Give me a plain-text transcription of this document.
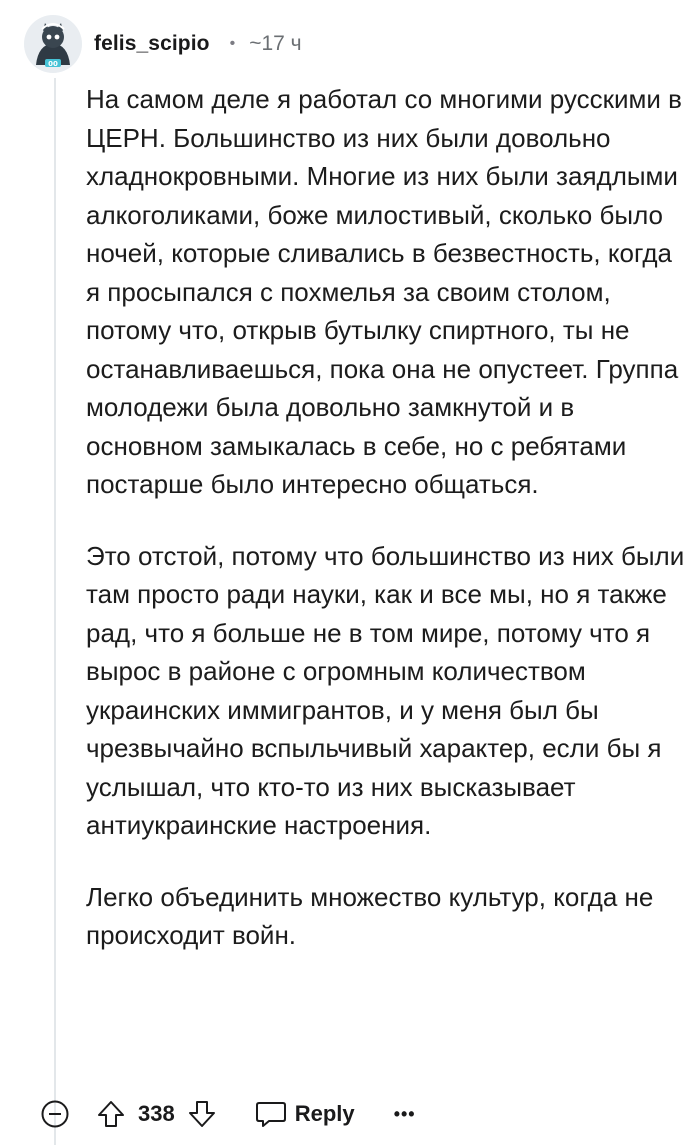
00
felis_scipio • ~17 ч

На самом деле я работал со многими русскими в ЦЕРН. Большинство из них были довольно хладнокровными. Многие из них были заядлыми алкоголиками, боже милостивый, сколько было ночей, которые сливались в безвестность, когда я просыпался с похмелья за своим столом, потому что, открыв бутылку спиртного, ты не останавливаешься, пока она не опустеет. Группа молодежи была довольно замкнутой и в основном замыкалась в себе, но с ребятами постарше было интересно общаться.

Это отстой, потому что большинство из них были там просто ради науки, как и все мы, но я также рад, что я больше не в том мире, потому что я вырос в районе с огромным количеством украинских иммигрантов, и у меня был бы чрезвычайно вспыльчивый характер, если бы я услышал, что кто-то из них высказывает антиукраинские настроения.

Легко объединить множество культур, когда не происходит войн.

338	Reply •••
